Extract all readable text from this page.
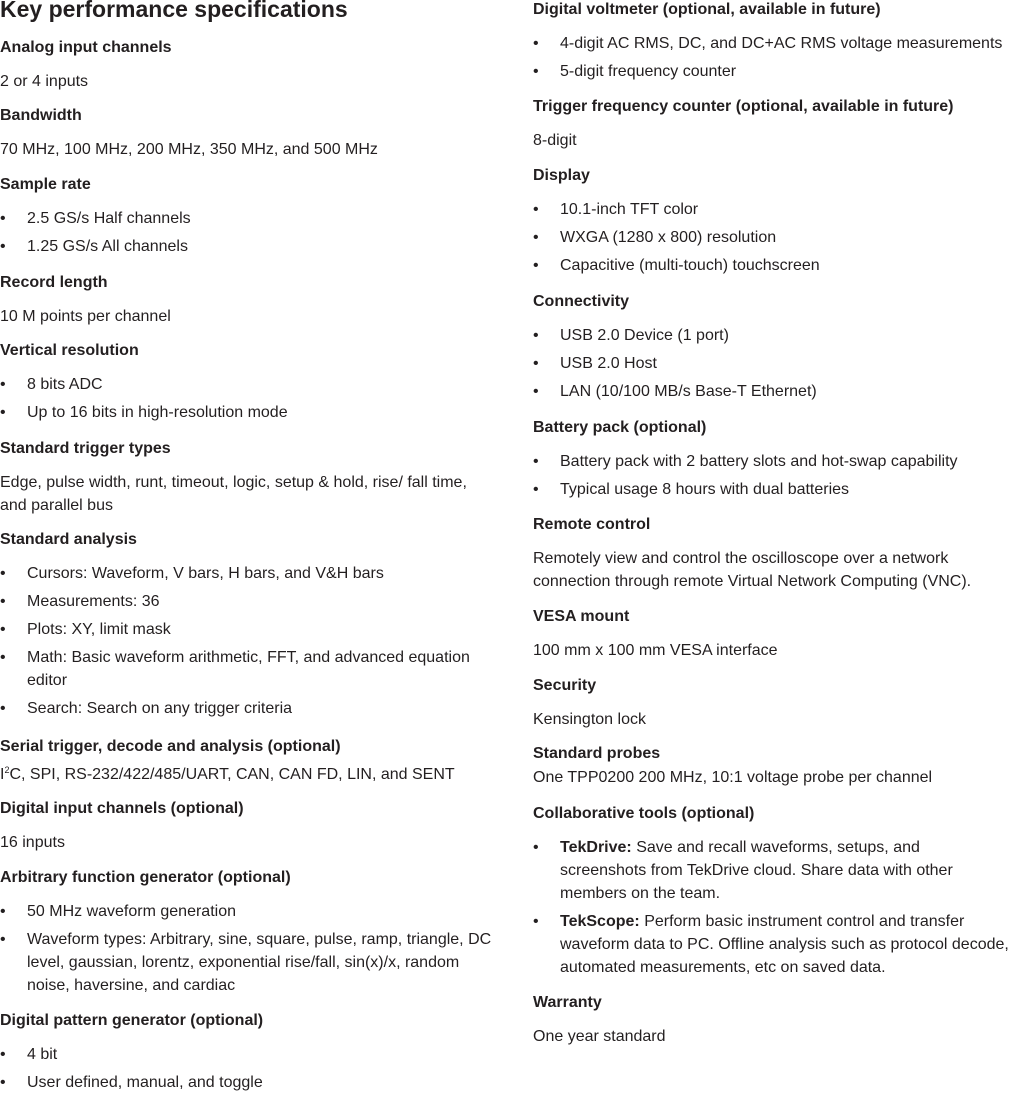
Key performance specifications
Analog input channels
2 or 4 inputs
Bandwidth
70 MHz, 100 MHz, 200 MHz, 350 MHz, and 500 MHz
Sample rate
• 2.5 GS/s Half channels
• 1.25 GS/s All channels
Record length
10 M points per channel
Vertical resolution
• 8 bits ADC
• Up to 16 bits in high-resolution mode
Standard trigger types
Edge, pulse width, runt, timeout, logic, setup & hold, rise/ fall time, and parallel bus
Standard analysis
• Cursors: Waveform, V bars, H bars, and V&H bars
• Measurements: 36
• Plots: XY, limit mask
• Math: Basic waveform arithmetic, FFT, and advanced equation editor
• Search: Search on any trigger criteria
Serial trigger, decode and analysis (optional)
$I^2C$, SPI, RS-232/422/485/UART, CAN, CAN FD, LIN, and SENT
Digital input channels (optional)
16 inputs
Arbitrary function generator (optional)
• 50 MHz waveform generation
• Waveform types: Arbitrary, sine, square, pulse, ramp, triangle, DC level, gaussian, lorentz, exponential rise/fall, sin(x)/x, random noise, haversine, and cardiac
Digital pattern generator (optional)
• 4 bit
• User defined, manual, and toggle
Digital voltmeter (optional, available in future)
• 4-digit AC RMS, DC, and DC+AC RMS voltage measurements
• 5-digit frequency counter
Trigger frequency counter (optional, available in future)
8-digit
Display
• 10.1-inch TFT color
• WXGA (1280 x 800) resolution
• Capacitive (multi-touch) touchscreen
Connectivity
• USB 2.0 Device (1 port)
• USB 2.0 Host
• LAN (10/100 MB/s Base-T Ethernet)
Battery pack (optional)
• Battery pack with 2 battery slots and hot-swap capability
• Typical usage 8 hours with dual batteries
Remote control
Remotely view and control the oscilloscope over a network connection through remote Virtual Network Computing (VNC).
VESA mount
100 mm x 100 mm VESA interface
Security
Kensington lock
Standard probes
One TPP0200 200 MHz, 10:1 voltage probe per channel
Collaborative tools (optional)
• TekDrive: Save and recall waveforms, setups, and screenshots from TekDrive cloud. Share data with other members on the team.
• TekScope: Perform basic instrument control and transfer waveform data to PC. Offline analysis such as protocol decode, automated measurements, etc on saved data.
Warranty
One year standard
